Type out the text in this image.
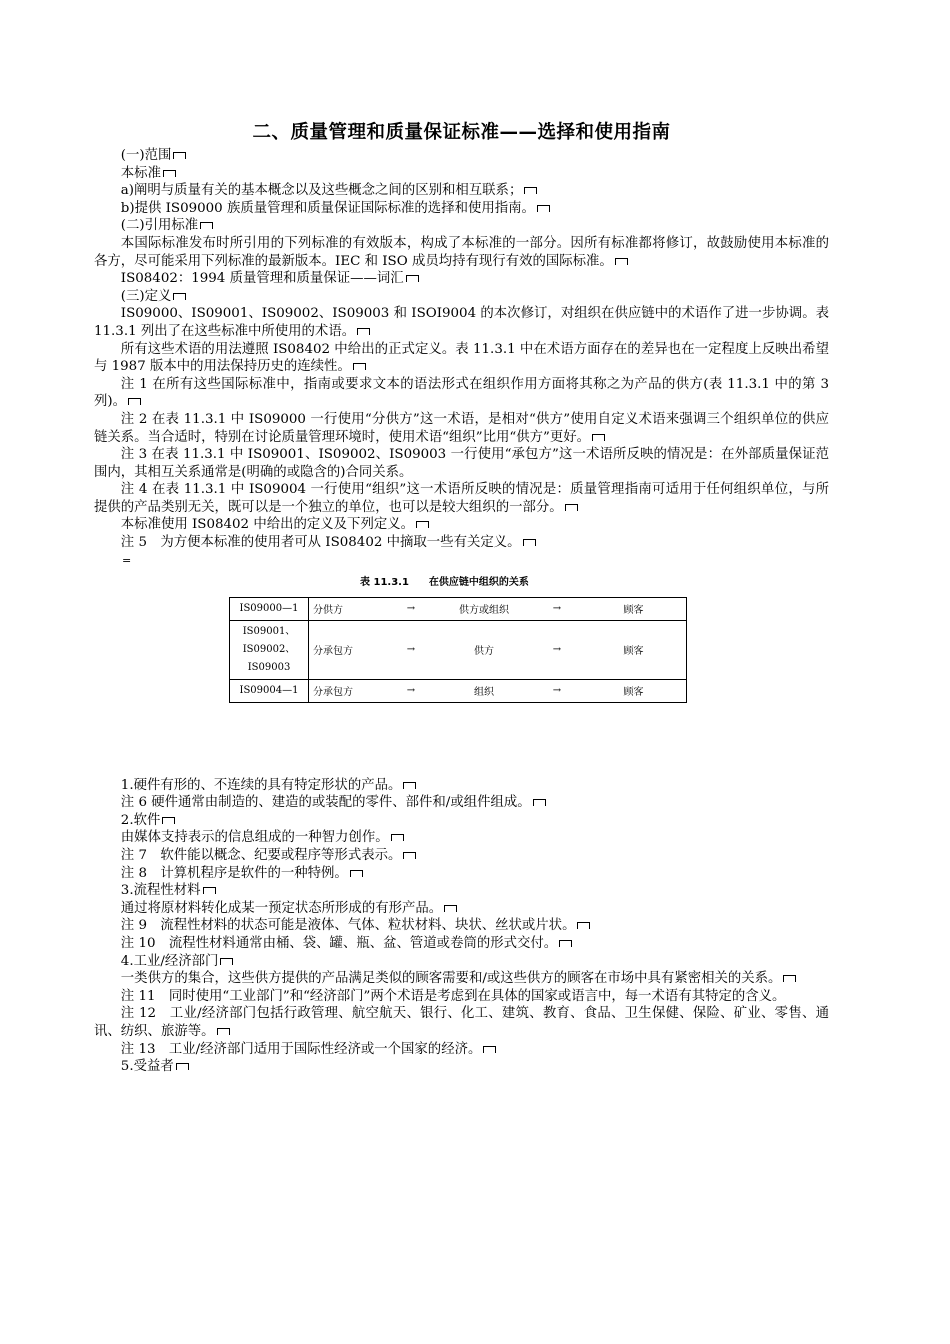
二、质量管理和质量保证标准——选择和使用指南

(一)范围

本标准

a)阐明与质量有关的基本概念以及这些概念之间的区别和相互联系；

b)提供 IS09000 族质量管理和质量保证国际标准的选择和使用指南。

(二)引用标准

本国际标准发布时所引用的下列标准的有效版本，构成了本标准的一部分。因所有标准都将修订，故鼓励使用本标准的各方，尽可能采用下列标准的最新版本。IEC 和 ISO 成员均持有现行有效的国际标准。

IS08402：1994 质量管理和质量保证——词汇

(三)定义

IS09000、IS09001、IS09002、IS09003 和 ISOI9004 的本次修订，对组织在供应链中的术语作了进一步协调。表 11.3.1 列出了在这些标准中所使用的术语。

所有这些术语的用法遵照 IS08402 中给出的正式定义。表 11.3.1 中在术语方面存在的差异也在一定程度上反映出希望与 1987 版本中的用法保持历史的连续性。

注 1 在所有这些国际标准中，指南或要求文本的语法形式在组织作用方面将其称之为产品的供方(表 11.3.1 中的第 3 列)。

注 2 在表 11.3.1 中 IS09000 一行使用“分供方”这一术语，是相对“供方”使用自定义术语来强调三个组织单位的供应链关系。当合适时，特别在讨论质量管理环境时，使用术语“组织”比用“供方”更好。

注 3 在表 11.3.1 中 IS09001、IS09002、IS09003 一行使用“承包方”这一术语所反映的情况是：在外部质量保证范围内，其相互关系通常是(明确的或隐含的)合同关系。

注 4 在表 11.3.1 中 IS09004 一行使用“组织”这一术语所反映的情况是：质量管理指南可适用于任何组织单位，与所提供的产品类别无关，既可以是一个独立的单位，也可以是较大组织的一部分。

本标准使用 IS08402 中给出的定义及下列定义。

注 5　为方便本标准的使用者可从 IS08402 中摘取一些有关定义。

=
表 11.3.1　　在供应链中组织的关系
IS09000—1	分供方	→	供方或组织	→	顾客

IS09001、
IS09002、
IS09003	分承包方	→	供方	→	顾客
IS09004—1	分承包方	→	组织	→	顾客

1.硬件有形的、不连续的具有特定形状的产品。

注 6 硬件通常由制造的、建造的或装配的零件、部件和/或组件组成。

2.软件

由媒体支持表示的信息组成的一种智力创作。

注 7　软件能以概念、纪要或程序等形式表示。

注 8　计算机程序是软件的一种特例。

3.流程性材料

通过将原材料转化成某一预定状态所形成的有形产品。

注 9　流程性材料的状态可能是液体、气体、粒状材料、块状、丝状或片状。

注 10　流程性材料通常由桶、袋、罐、瓶、盆、管道或卷筒的形式交付。

4.工业/经济部门

一类供方的集合，这些供方提供的产品满足类似的顾客需要和/或这些供方的顾客在市场中具有紧密相关的关系。

注 11　同时使用“工业部门”和“经济部门”两个术语是考虑到在具体的国家或语言中，每一术语有其特定的含义。

注 12　工业/经济部门包括行政管理、航空航天、银行、化工、建筑、教育、食品、卫生保健、保险、矿业、零售、通讯、纺织、旅游等。

注 13　工业/经济部门适用于国际性经济或一个国家的经济。

5.受益者
